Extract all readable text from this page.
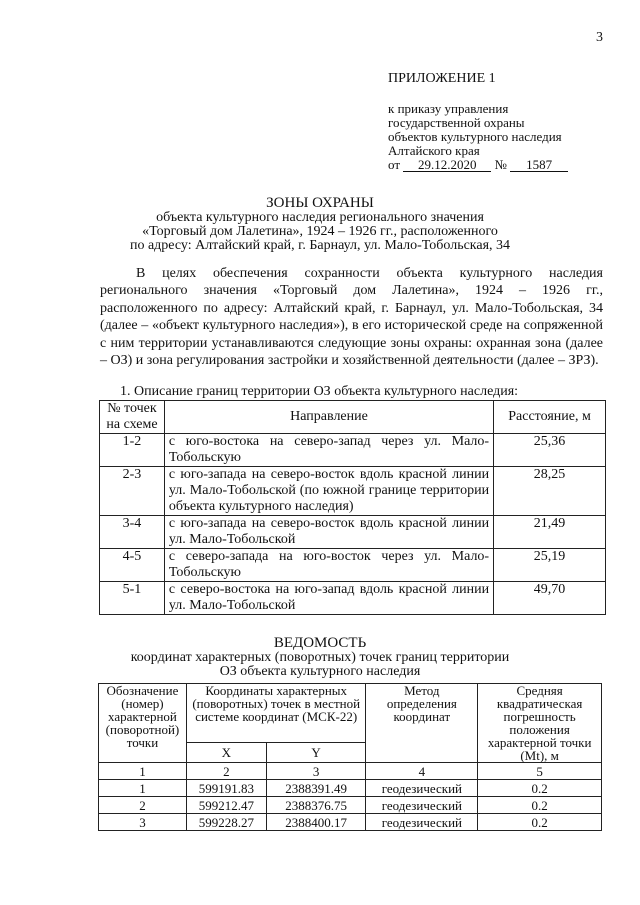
3
ПРИЛОЖЕНИЕ 1
к приказу управления
государственной охраны
объектов культурного наследия
Алтайского края
от 29.12.2020 № 1587
ЗОНЫ ОХРАНЫ
объекта культурного наследия регионального значения
«Торговый дом Лалетина», 1924 – 1926 гг., расположенного
по адресу: Алтайский край, г. Барнаул, ул. Мало-Тобольская, 34
В целях обеспечения сохранности объекта культурного наследия регионального значения «Торговый дом Лалетина», 1924 – 1926 гг., расположенного по адресу: Алтайский край, г. Барнаул, ул. Мало-Тобольская, 34 (далее – «объект культурного наследия»), в его исторической среде на сопряженной с ним территории устанавливаются следующие зоны охраны: охранная зона (далее – ОЗ) и зона регулирования застройки и хозяйственной деятельности (далее – ЗРЗ).
1. Описание границ территории ОЗ объекта культурного наследия:
№ точек на схеме	Направление	Расстояние, м
1-2	с юго-востока на северо-запад через ул. Мало-Тобольскую	25,36
2-3	с юго-запада на северо-восток вдоль красной линии ул. Мало-Тобольской (по южной границе территории объекта культурного наследия)	28,25
3-4	с юго-запада на северо-восток вдоль красной линии ул. Мало-Тобольской	21,49
4-5	с северо-запада на юго-восток через ул. Мало-Тобольскую	25,19
5-1	с северо-востока на юго-запад вдоль красной линии ул. Мало-Тобольской	49,70
ВЕДОМОСТЬ
координат характерных (поворотных) точек границ территории
ОЗ объекта культурного наследия
Обозначение (номер) характерной (поворотной) точки	Координаты характерных (поворотных) точек в местной системе координат (МСК-22)		Метод определения координат	Средняя квадратическая погрешность положения характерной точки (Mt), м
	X	Y		
1	2	3	4	5
1	599191.83	2388391.49	геодезический	0.2
2	599212.47	2388376.75	геодезический	0.2
3	599228.27	2388400.17	геодезический	0.2
